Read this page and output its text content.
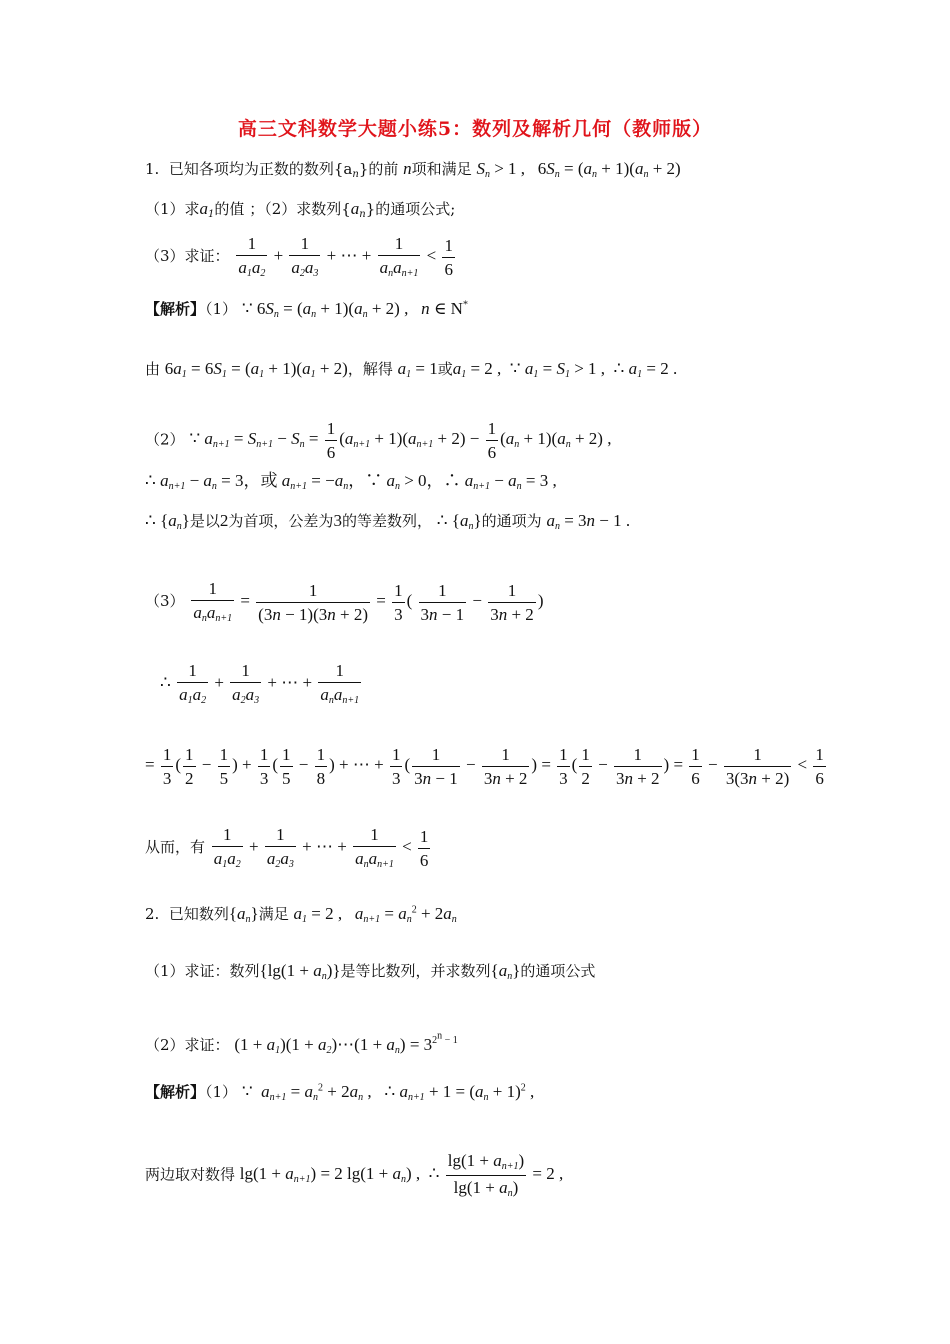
高三文科数学大题小练5：数列及解析几何（教师版）
1. 已知各项均为正数的数列$\{a_n\}$的前 n项和满足 $S_n > 1$ ,   $6S_n = (a_n + 1)(a_n + 2)$
（1）求$a_1$的值 ；（2）求数列$\{a_n\}$的通项公式;
（3）求证： $\frac{1}{a_1a_2} + \frac{1}{a_2a_3}$ + ⋯ +
1
$a_na_{n+1}$
< $\frac{1}{6}$
【解析】（1） ∵ $6S_n = (a_n + 1)(a_n + 2)$ ,   n ∈ N*
由 $6a_1 = 6S_1 = (a_1 + 1)(a_1 + 2)$，解得 $a_1 = 1$或$a_1 = 2$ ,  ∵ $a_1 = S_1 > 1$ ,  ∴ $a_1 = 2$ .
（2） ∵ $a_{n+1} = S_{n+1} - S_n = \frac{1}{6} (a_{n+1} + 1)(a_{n+1} + 2) - \frac{1}{6} (a_n + 1)(a_n + 2)$ ,
∴ $a_{n+1} - a_n = 3$，或 $a_{n+1} = -a_n$，∵ $a_n > 0$，∴ $a_{n+1} - a_n = 3$ ,
∴ $\{a_n\}$是以2为首项，公差为3的等差数列， ∴ $\{a_n\}$的通项为 $a_n = 3n - 1$ .
（3）
1
$a_na_{n+1}$
= $\frac{1}{(3n - 1)(3n + 2)} = \frac{1}{3}$ ( $\frac{1}{3n - 1} - \frac{1}{3n + 2}$ )
∴ $\frac{1}{a_1a_2} + \frac{1}{a_2a_3}$ + ⋯ +
1
$a_na_{n+1}$
= $\frac{1}{3}$ ( $\frac{1}{2} - \frac{1}{5}$ ) + $\frac{1}{3}$ ( $\frac{1}{5} - \frac{1}{8}$ ) + ⋯ + $\frac{1}{3}$ ( $\frac{1}{3n - 1} - \frac{1}{3n + 2}$ ) = $\frac{1}{3}$ ( $\frac{1}{2} - \frac{1}{3n + 2}$ ) = $\frac{1}{6} - \frac{1}{3(3n + 2)} < \frac{1}{6}$
从而，有 $\frac{1}{a_1a_2} + \frac{1}{a_2a_3}$ + ⋯ +
1
$a_na_{n+1}$
< $\frac{1}{6}$
2. 已知数列$\{a_n\}$满足 $a_1 = 2$ ,   $a_{n+1} = a_n^2 + 2a_n$
（1）求证：数列$\{\lg(1 + a_n)\}$是等比数列，并求数列$\{a_n\}$的通项公式
（2）求证： $(1 + a_1)(1$ + $a_2)\cdots(1 + a_n) = 3^{2^n - 1}$
【解析】（1） ∵  $a_{n+1} = a_n^2 + 2a_n$ ,   ∴ $a_{n+1} + 1 = (a_n + 1)^2$ ,
两边取对数得 $\lg(1 + a_{n+1}) = 2$ $\lg(1 + a_n)$ ,  ∴ $\frac{\lg(1 + a_{n+1})}{\lg(1 + a_n)} = 2$ ,
